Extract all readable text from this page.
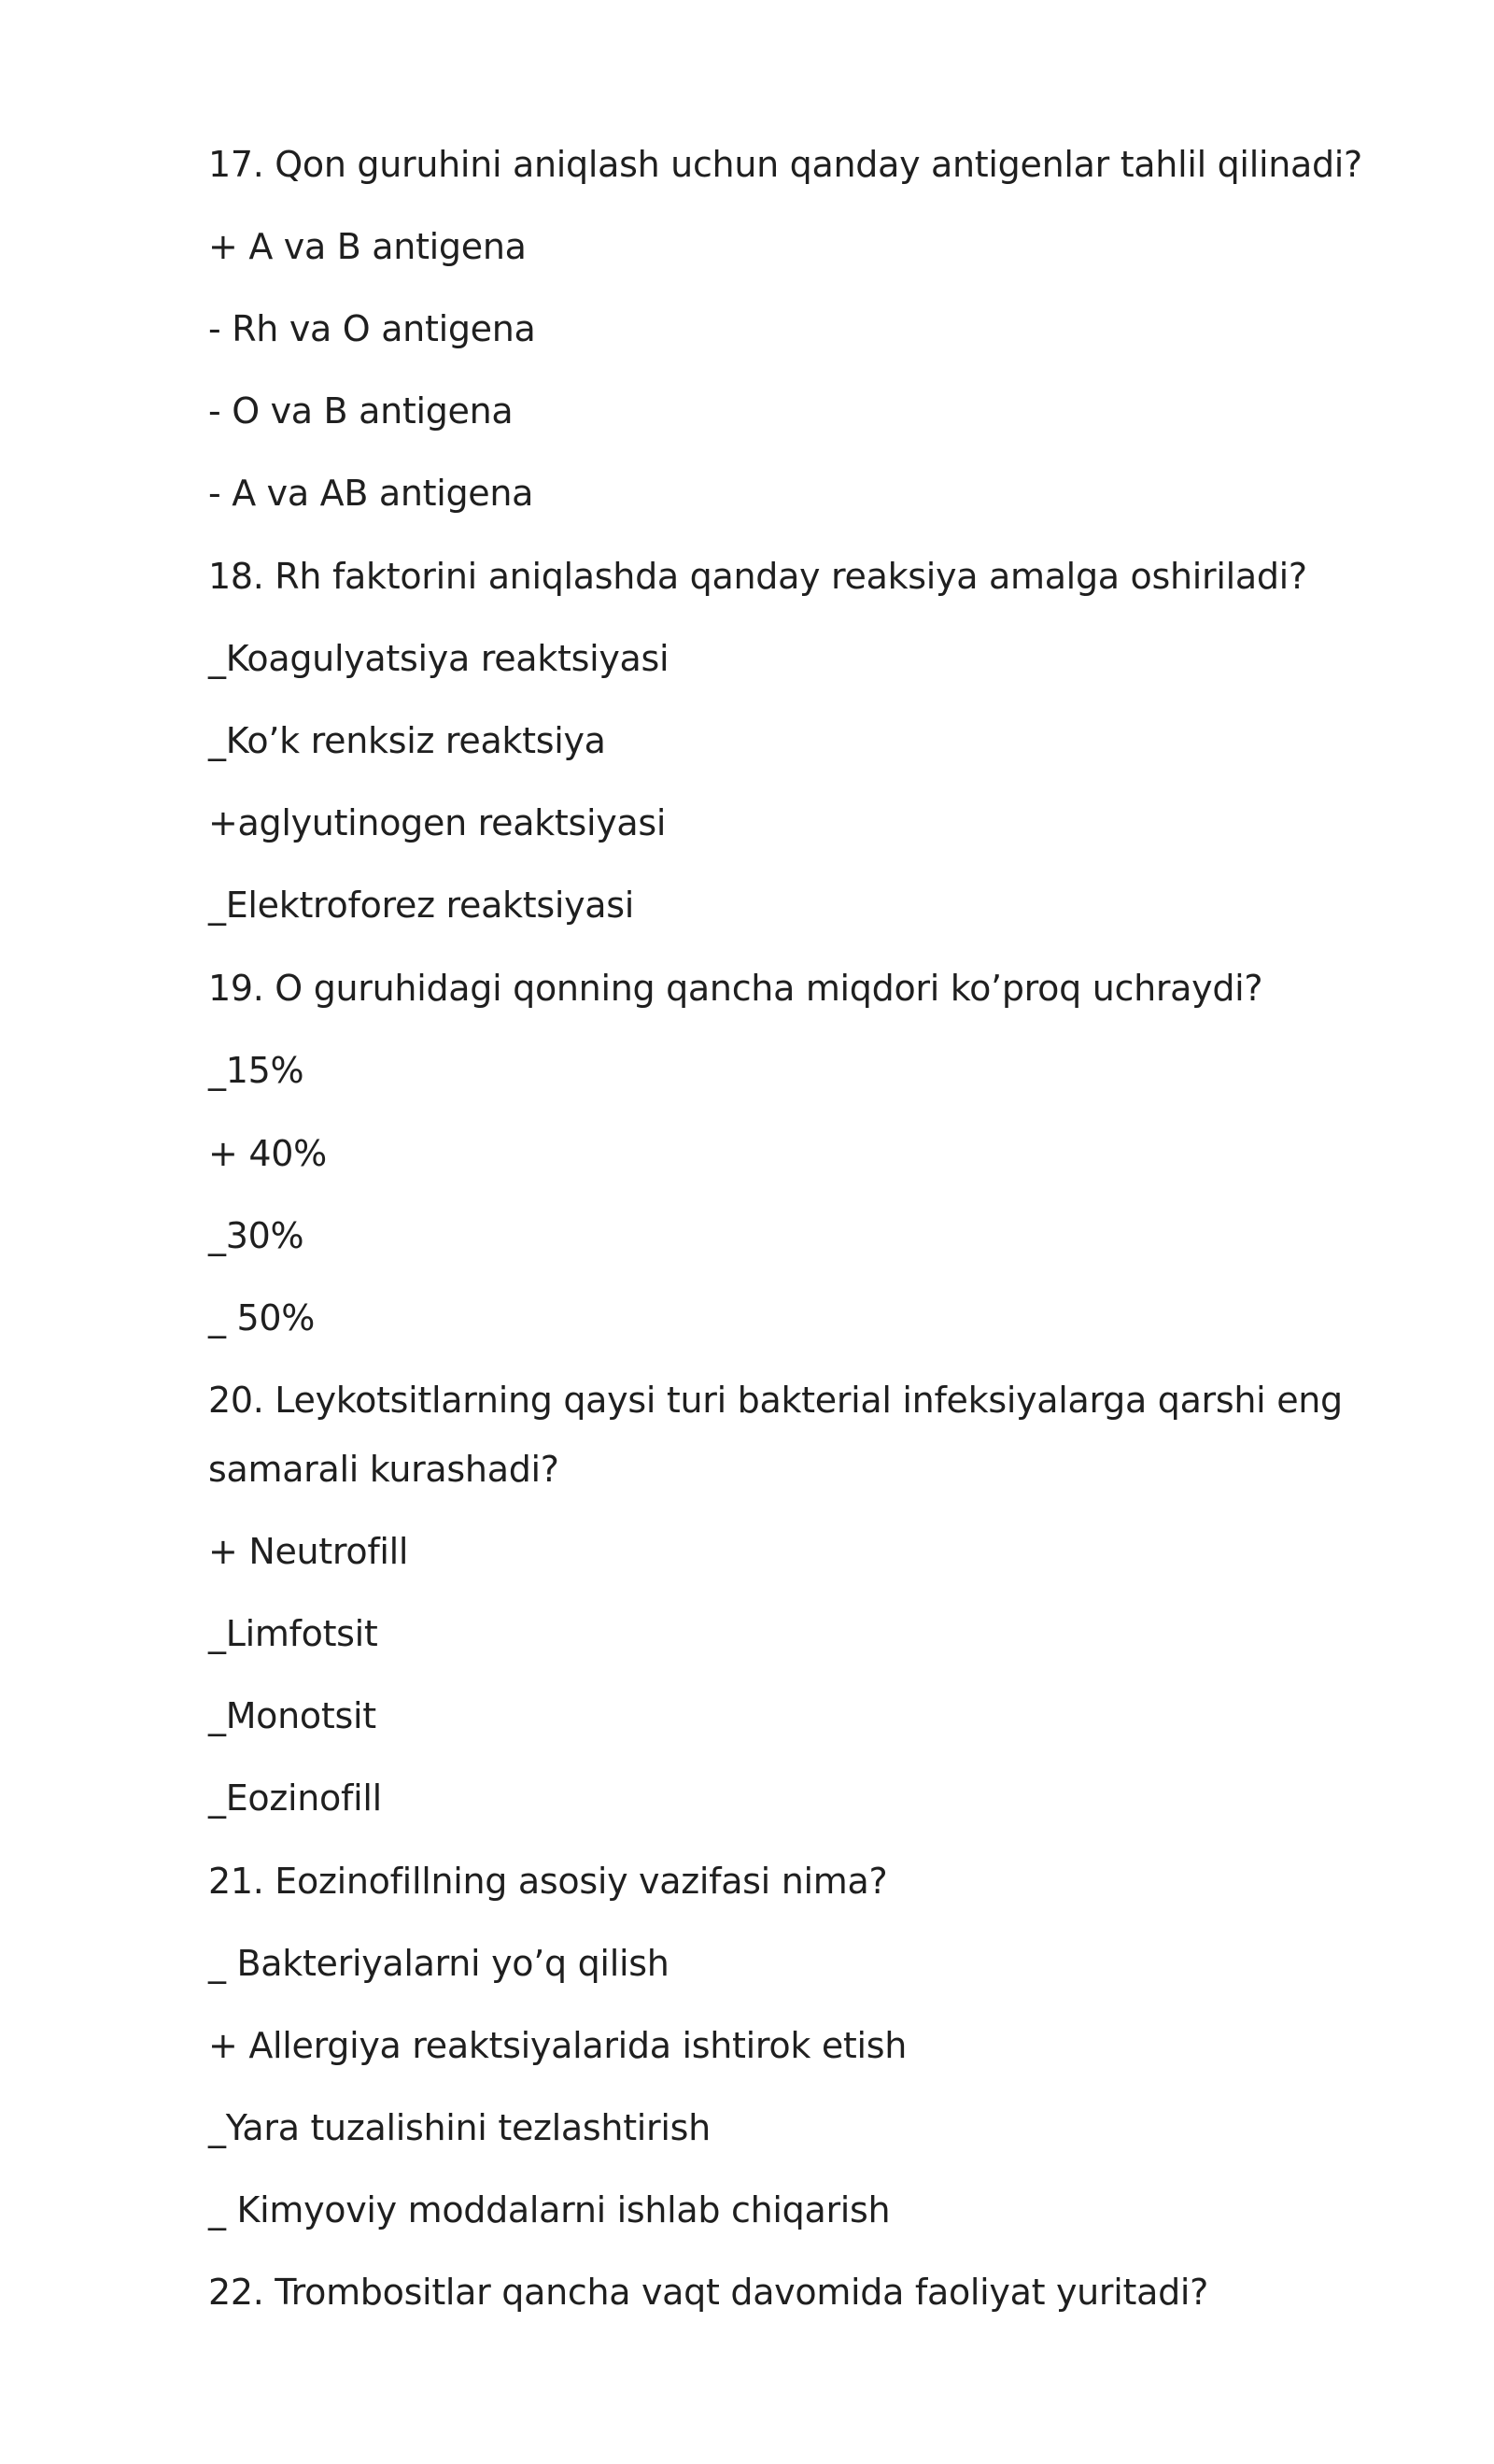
17. Qon guruhini aniqlash uchun qanday antigenlar tahlil qilinadi?
+ A va B antigena
- Rh va O antigena
- O va B antigena
- A va AB antigena
18. Rh faktorini aniqlashda qanday reaksiya amalga oshiriladi?
_Koagulyatsiya reaktsiyasi
_Ko’k renksiz reaktsiya
+aglyutinogen reaktsiyasi
_Elektroforez reaktsiyasi
19. O guruhidagi qonning qancha miqdori ko’proq uchraydi?
_15%
+ 40%
_30%
_ 50%
20. Leykotsitlarning qaysi turi bakterial infeksiyalarga qarshi eng
samarali kurashadi?
+ Neutrofill
_Limfotsit
_Monotsit
_Eozinofill
21. Eozinofillning asosiy vazifasi nima?
_ Bakteriyalarni yo’q qilish
+ Allergiya reaktsiyalarida ishtirok etish
_Yara tuzalishini tezlashtirish
_ Kimyoviy moddalarni ishlab chiqarish
22. Trombositlar qancha vaqt davomida faoliyat yuritadi?
